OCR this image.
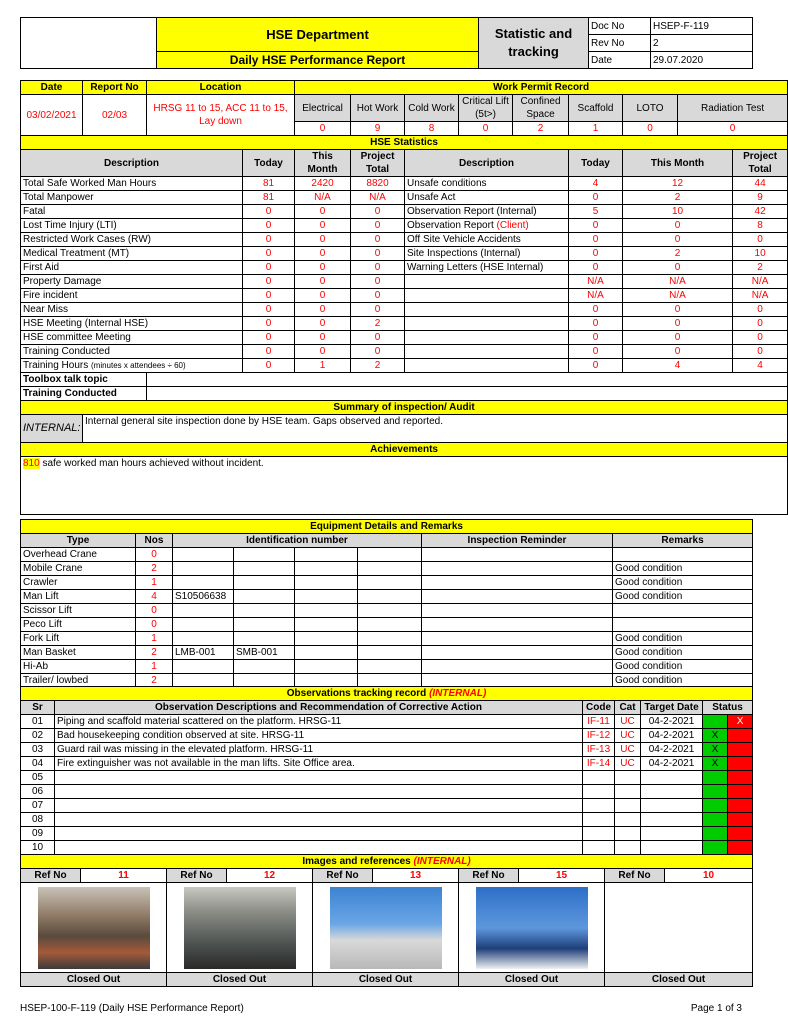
	HSE Department	Statistic and tracking	Doc No	HSEP-F-119
			Rev No	2
	Daily HSE Performance Report		Date	29.07.2020
Date	Report No	Location		Work Permit Record								
03/02/2021	02/03	HRSG 11 to 15, ACC 11 to 15, Lay down		Electrical	Hot Work	Cold Work	Critical Lift (5t>)	Confined Space	Scaffold	LOTO	Radiation Test	
				0	9	8	0	2	1	0	0	
HSE Statistics												
Description			Today	This Month	Project Total	Description			Today	This Month		Project Total
Total Safe Worked Man Hours			81	2420	8820	Unsafe conditions			4	12		44
Total Manpower			81	N/A	N/A	Unsafe Act			0	2		9
Fatal			0	0	0	Observation Report (Internal)			5	10		42
Lost Time Injury (LTI)			0	0	0	Observation Report (Client)			0	0		8
Restricted Work Cases (RW)			0	0	0	Off Site Vehicle Accidents			0	0		0
Medical Treatment (MT)			0	0	0	Site Inspections (Internal)			0	2		10
First Aid			0	0	0	Warning Letters (HSE Internal)			0	0		2
Property Damage			0	0	0				N/A	N/A		N/A
Fire incident			0	0	0				N/A	N/A		N/A
Near Miss			0	0	0				0	0		0
HSE Meeting (Internal HSE)			0	0	2				0	0		0
HSE committee Meeting			0	0	0				0	0		0
Training Conducted			0	0	0				0	0		0
Training Hours (minutes x attendees ÷ 60)			0	1	2				0	4		4
Toolbox talk topic												
Training Conducted												
Summary of inspection/ Audit												
INTERNAL:	Internal general site inspection done by HSE team. Gaps observed and reported.											
Achievements												
810 safe worked man hours achieved without incident.												
Equipment Details and Remarks							
Type	Nos	Identification number				Inspection Reminder	Remarks
Overhead Crane	0						
Mobile Crane	2						Good condition
Crawler	1						Good condition
Man Lift	4	S10506638					Good condition
Scissor Lift	0						
Peco Lift	0						
Fork Lift	1						Good condition
Man Basket	2	LMB-001	SMB-001				Good condition
Hi-Ab	1						Good condition
Trailer/ lowbed	2						Good condition
Observations tracking record (INTERNAL)						
Sr	Observation Descriptions and Recommendation of Corrective Action	Code	Cat	Target Date	Status	
01	Piping and scaffold material scattered on the platform. HRSG-11	IF-11	UC	04-2-2021		X
02	Bad housekeeping condition observed at site. HRSG-11	IF-12	UC	04-2-2021	X	
03	Guard rail was missing in the elevated platform. HRSG-11	IF-13	UC	04-2-2021	X	
04	Fire extinguisher was not available in the man lifts. Site Office area.	IF-14	UC	04-2-2021	X	
05						
06						
07						
08						
09						
10						
Images and references (INTERNAL)									
Ref No	11	Ref No	12	Ref No	13	Ref No	15	Ref No	10

Closed Out		Closed Out		Closed Out		Closed Out		Closed Out	
HSEP-100-F-119 (Daily HSE Performance Report)	Page 1 of 3
